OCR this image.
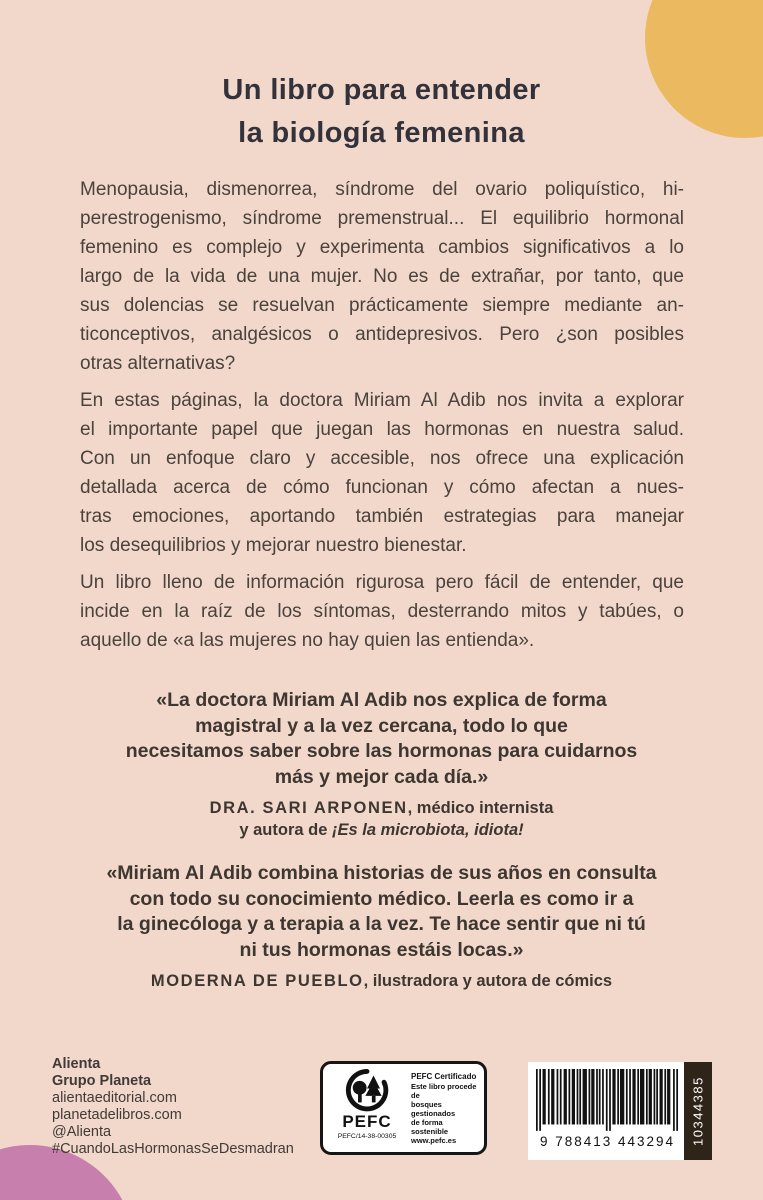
Un libro para entender
la biología femenina
Menopausia, dismenorrea, síndrome del ovario poliquístico, hi-
perestrogenismo, síndrome premenstrual... El equilibrio hormonal
femenino es complejo y experimenta cambios significativos a lo
largo de la vida de una mujer. No es de extrañar, por tanto, que
sus dolencias se resuelvan prácticamente siempre mediante an-
ticonceptivos, analgésicos o antidepresivos. Pero ¿son posibles
otras alternativas?
En estas páginas, la doctora Miriam Al Adib nos invita a explorar
el importante papel que juegan las hormonas en nuestra salud.
Con un enfoque claro y accesible, nos ofrece una explicación
detallada acerca de cómo funcionan y cómo afectan a nues-
tras emociones, aportando también estrategias para manejar
los desequilibrios y mejorar nuestro bienestar.
Un libro lleno de información rigurosa pero fácil de entender, que
incide en la raíz de los síntomas, desterrando mitos y tabúes, o
aquello de «a las mujeres no hay quien las entienda».
«La doctora Miriam Al Adib nos explica de forma
magistral y a la vez cercana, todo lo que
necesitamos saber sobre las hormonas para cuidarnos
más y mejor cada día.»
DRA. SARI ARPONEN, médico internista
y autora de ¡Es la microbiota, idiota!
«Miriam Al Adib combina historias de sus años en consulta
con todo su conocimiento médico. Leerla es como ir a
la ginecóloga y a terapia a la vez. Te hace sentir que ni tú
ni tus hormonas estáis locas.»
MODERNA DE PUEBLO, ilustradora y autora de cómics
Alienta
Grupo Planeta
alientaeditorial.com
planetadelibros.com
@Alienta
#CuandoLasHormonasSeDesmadran
PEFC
PEFC/14-38-00305
PEFC Certificado
Este libro procede de
bosques gestionados
de forma sostenible
www.pefc.es	9 788413 443294	10344385
